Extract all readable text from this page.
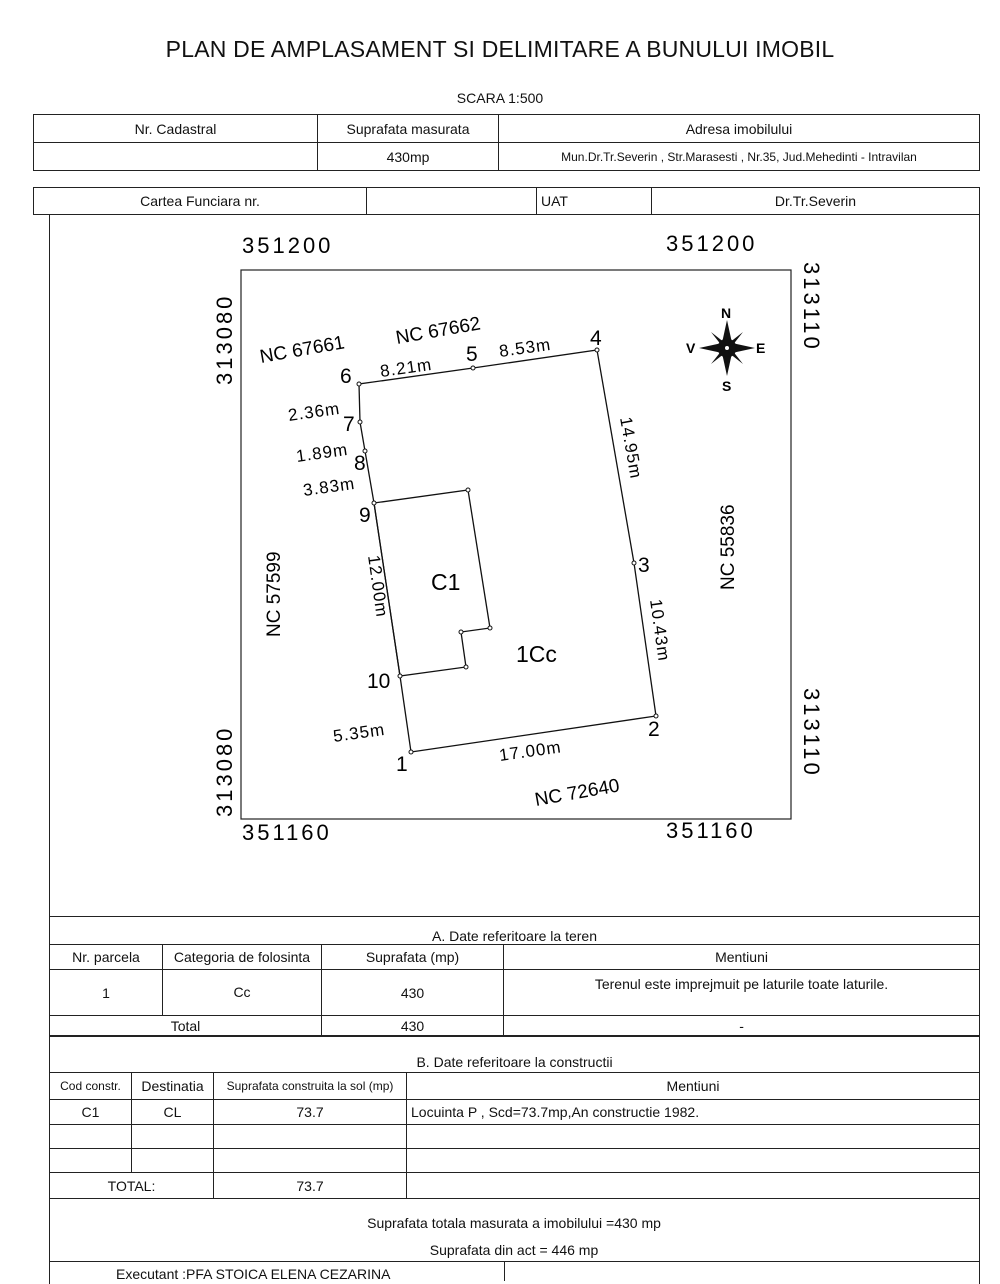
PLAN DE AMPLASAMENT SI DELIMITARE A BUNULUI IMOBIL
SCARA 1:500
Nr. Cadastral	Suprafata masurata	Adresa imobilului
	430mp	Mun.Dr.Tr.Severin , Str.Marasesti , Nr.35, Jud.Mehedinti - Intravilan
Cartea Funciara nr.		UAT	Dr.Tr.Severin
351200	351200
351160	351160
313080
313080
313110
313110
1
2
3
4
5
6
7
8
9
10
17.00m
10.43m
14.95m
8.53m
8.21m
2.36m
1.89m
3.83m
12.00m
5.35m
NC 67661
NC 67662
NC 55836
NC 57599
NC 72640
C1
1Cc
N
S
E
V
A. Date referitoare la teren			
Nr. parcela	Categoria de folosinta	Suprafata (mp)	Mentiuni
1	Cc	430	Terenul este imprejmuit pe laturile toate laturile.
Total		430	-
B. Date referitoare la constructii			
Cod constr.	Destinatia	Suprafata construita la sol (mp)	Mentiuni
C1	CL	73.7	Locuinta P , Scd=73.7mp,An constructie 1982.

TOTAL:		73.7	
Suprafata totala masurata a imobilului =430 mp
Suprafata din act = 446 mp
Executant :PFA STOICA ELENA CEZARINA
